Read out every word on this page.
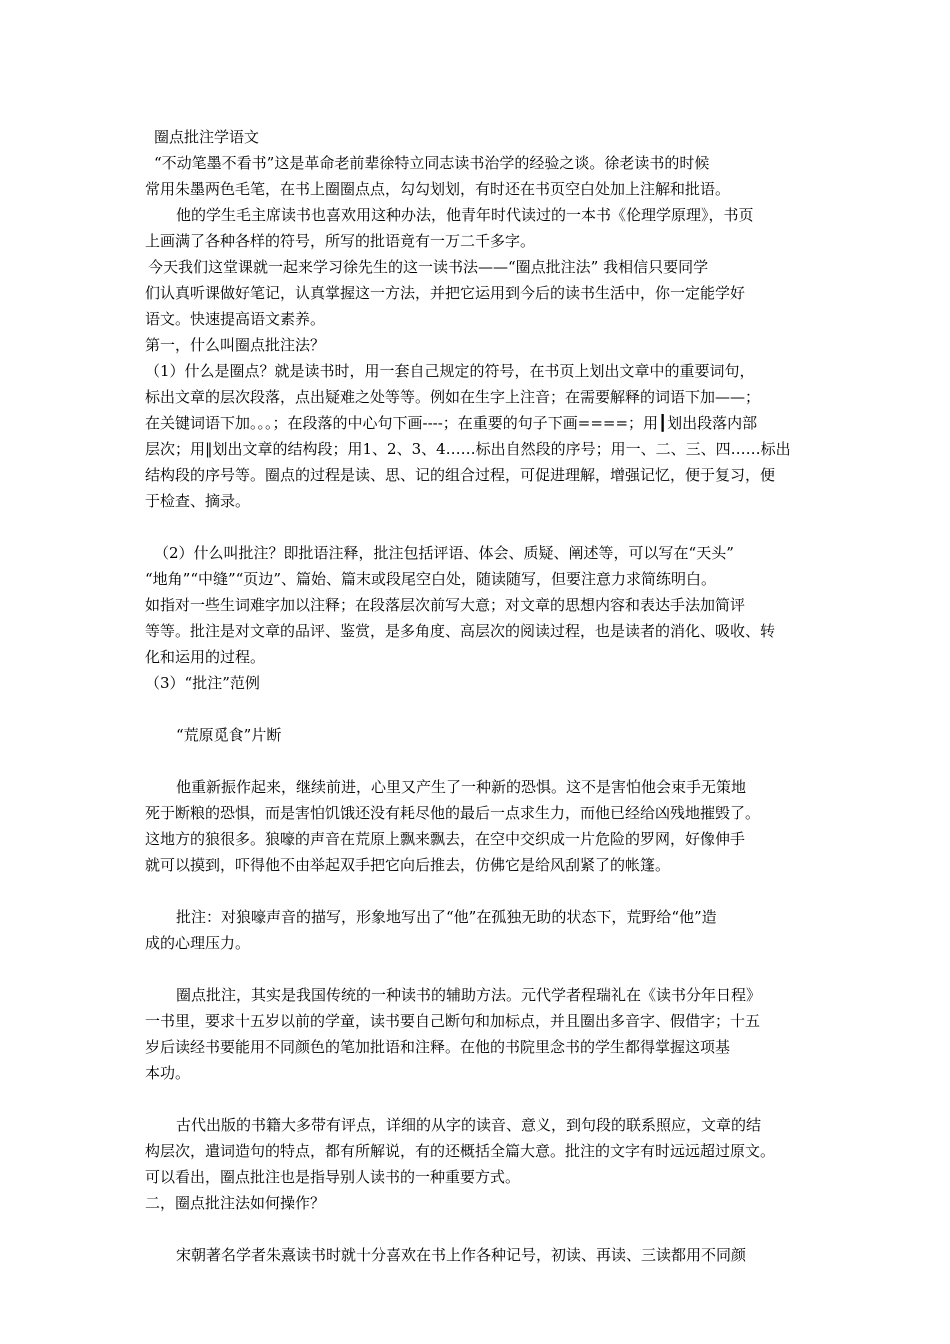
圈点批注学语文
“不动笔墨不看书”这是革命老前辈徐特立同志读书治学的经验之谈。徐老读书的时候
常用朱墨两色毛笔，在书上圈圈点点，勾勾划划，有时还在书页空白处加上注解和批语。
他的学生毛主席读书也喜欢用这种办法，他青年时代读过的一本书《伦理学原理》，书页
上画满了各种各样的符号，所写的批语竟有一万二千多字。
今天我们这堂课就一起来学习徐先生的这一读书法——“圈点批注法” 我相信只要同学
们认真听课做好笔记，认真掌握这一方法，并把它运用到今后的读书生活中，你一定能学好
语文。快速提高语文素养。
第一，什么叫圈点批注法？
（1）什么是圈点？就是读书时，用一套自己规定的符号，在书页上划出文章中的重要词句，
标出文章的层次段落，点出疑难之处等等。例如在生字上注音；在需要解释的词语下加——；
在关键词语下加。。。；在段落的中心句下画----；在重要的句子下画====；用┃划出段落内部
层次；用‖划出文章的结构段；用1、2、3、4……标出自然段的序号；用一、二、三、四……标出
结构段的序号等。圈点的过程是读、思、记的组合过程，可促进理解，增强记忆，便于复习，便
于检查、摘录。
（2）什么叫批注？即批语注释，批注包括评语、体会、质疑、阐述等，可以写在“天头”
“地角”“中缝”“页边”、篇始、篇末或段尾空白处，随读随写，但要注意力求简练明白。
如指对一些生词难字加以注释；在段落层次前写大意；对文章的思想内容和表达手法加简评
等等。批注是对文章的品评、鉴赏，是多角度、高层次的阅读过程，也是读者的消化、吸收、转
化和运用的过程。
（3）“批注”范例
“荒原觅食”片断
他重新振作起来，继续前进，心里又产生了一种新的恐惧。这不是害怕他会束手无策地
死于断粮的恐惧，而是害怕饥饿还没有耗尽他的最后一点求生力，而他已经给凶残地摧毁了。
这地方的狼很多。狼嚎的声音在荒原上飘来飘去，在空中交织成一片危险的罗网，好像伸手
就可以摸到，吓得他不由举起双手把它向后推去，仿佛它是给风刮紧了的帐篷。
批注：对狼嚎声音的描写，形象地写出了“他”在孤独无助的状态下，荒野给“他”造
成的心理压力。
圈点批注，其实是我国传统的一种读书的辅助方法。元代学者程瑞礼在《读书分年日程》
一书里，要求十五岁以前的学童，读书要自己断句和加标点，并且圈出多音字、假借字；十五
岁后读经书要能用不同颜色的笔加批语和注释。在他的书院里念书的学生都得掌握这项基
本功。
古代出版的书籍大多带有评点，详细的从字的读音、意义，到句段的联系照应，文章的结
构层次，遣词造句的特点，都有所解说，有的还概括全篇大意。批注的文字有时远远超过原文。
可以看出，圈点批注也是指导别人读书的一种重要方式。
二，圈点批注法如何操作？
宋朝著名学者朱熹读书时就十分喜欢在书上作各种记号，初读、再读、三读都用不同颜
